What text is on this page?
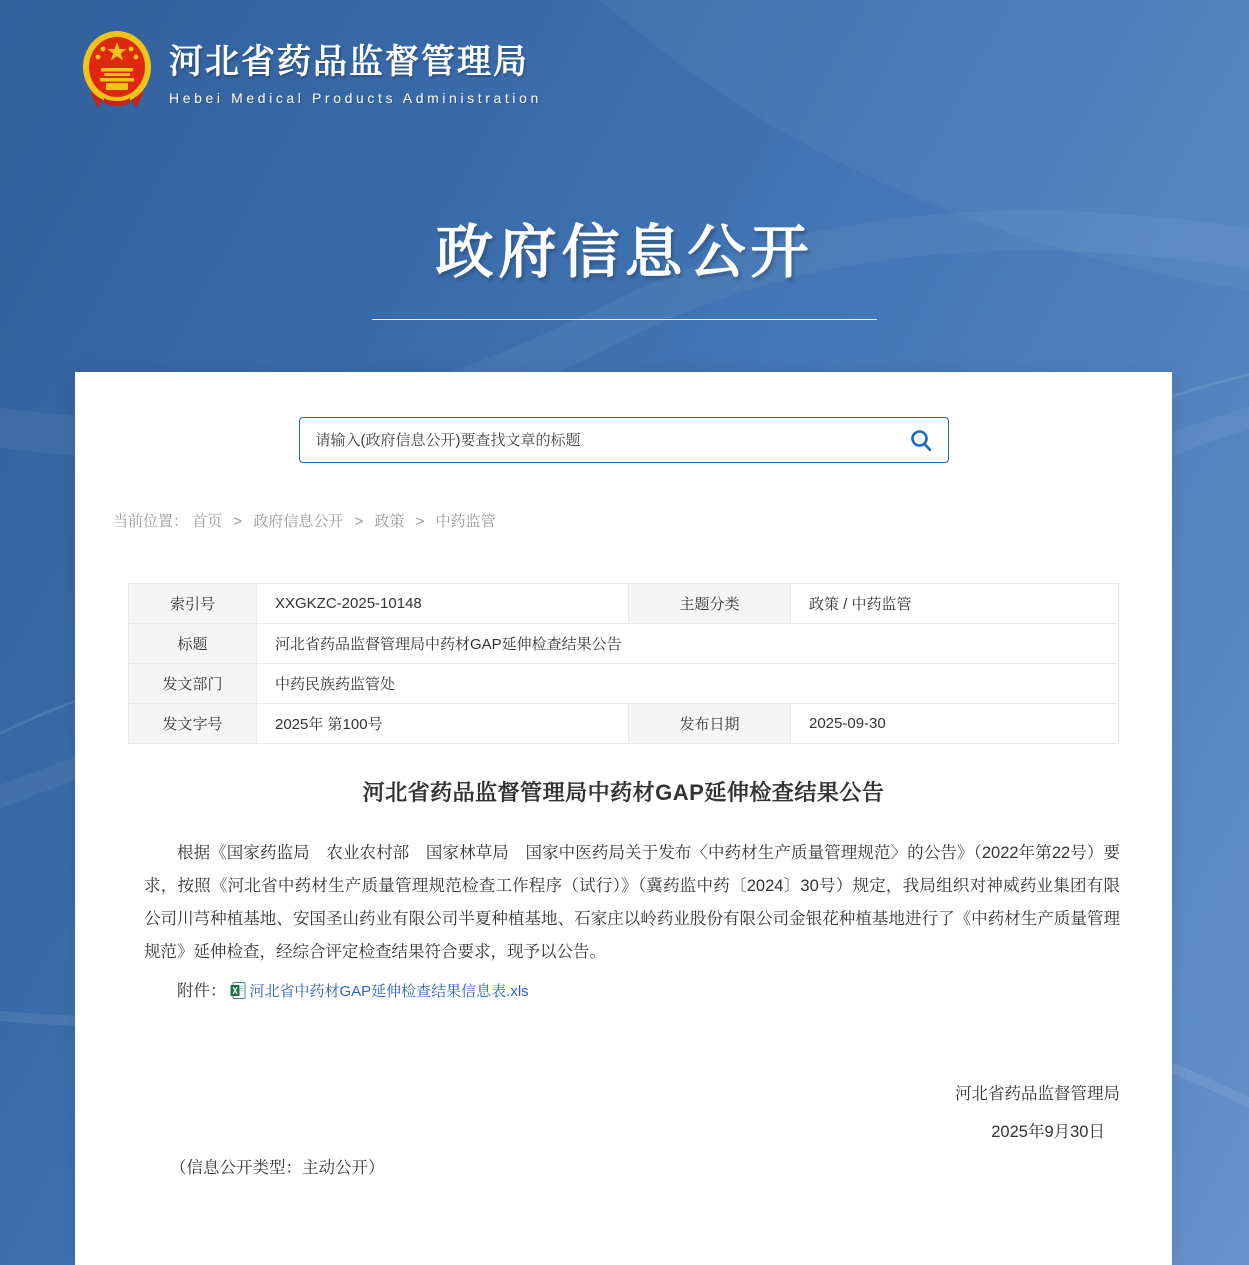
河北省药品监督管理局
Hebei Medical Products Administration
政府信息公开
请输入(政府信息公开)要查找文章的标题
当前位置： 首页 > 政府信息公开 > 政策 > 中药监管
索引号	XXGKZC-2025-10148	主题分类	政策 / 中药监管
标题	河北省药品监督管理局中药材GAP延伸检查结果公告		
发文部门	中药民族药监管处		
发文字号	2025年 第100号	发布日期	2025-09-30
河北省药品监督管理局中药材GAP延伸检查结果公告

根据《国家药监局　农业农村部　国家林草局　国家中医药局关于发布〈中药材生产质量管理规范〉的公告》（2022年第22号）要求，按照《河北省中药材生产质量管理规范检查工作程序（试行）》（冀药监中药〔2024〕30号）规定，我局组织对神威药业集团有限公司川芎种植基地、安国圣山药业有限公司半夏种植基地、石家庄以岭药业股份有限公司金银花种植基地进行了《中药材生产质量管理规范》延伸检查，经综合评定检查结果符合要求，现予以公告。

附件： 河北省中药材GAP延伸检查结果信息表.xls
河北省药品监督管理局
2025年9月30日
（信息公开类型：主动公开）
